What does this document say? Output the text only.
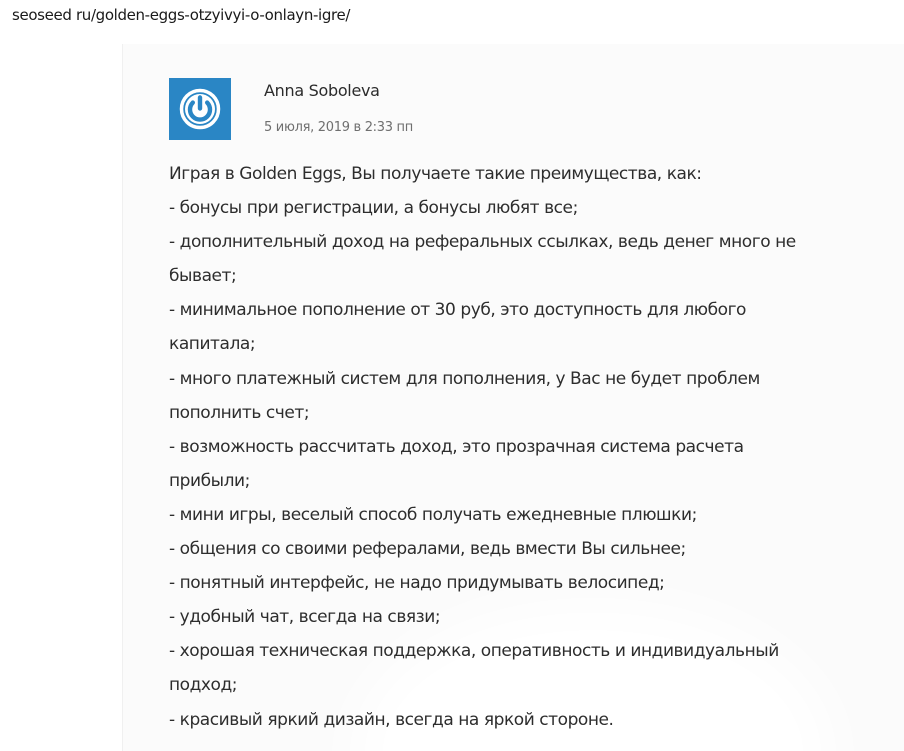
seoseed ru/golden-eggs-otzyivyi-o-onlayn-igre/
Anna Soboleva
5 июля, 2019 в 2:33 пп
Играя в Golden Eggs, Вы получаете такие преимущества, как:
- бонусы при регистрации, а бонусы любят все;
- дополнительный доход на реферальных ссылках, ведь денег много не
бывает;
- минимальное пополнение от 30 руб, это доступность для любого
капитала;
- много платежный систем для пополнения, у Вас не будет проблем
пополнить счет;
- возможность рассчитать доход, это прозрачная система расчета
прибыли;
- мини игры, веселый способ получать ежедневные плюшки;
- общения со своими рефералами, ведь вмести Вы сильнее;
- понятный интерфейс, не надо придумывать велосипед;
- удобный чат, всегда на связи;
- хорошая техническая поддержка, оперативность и индивидуальный
подход;
- красивый яркий дизайн, всегда на яркой стороне.
